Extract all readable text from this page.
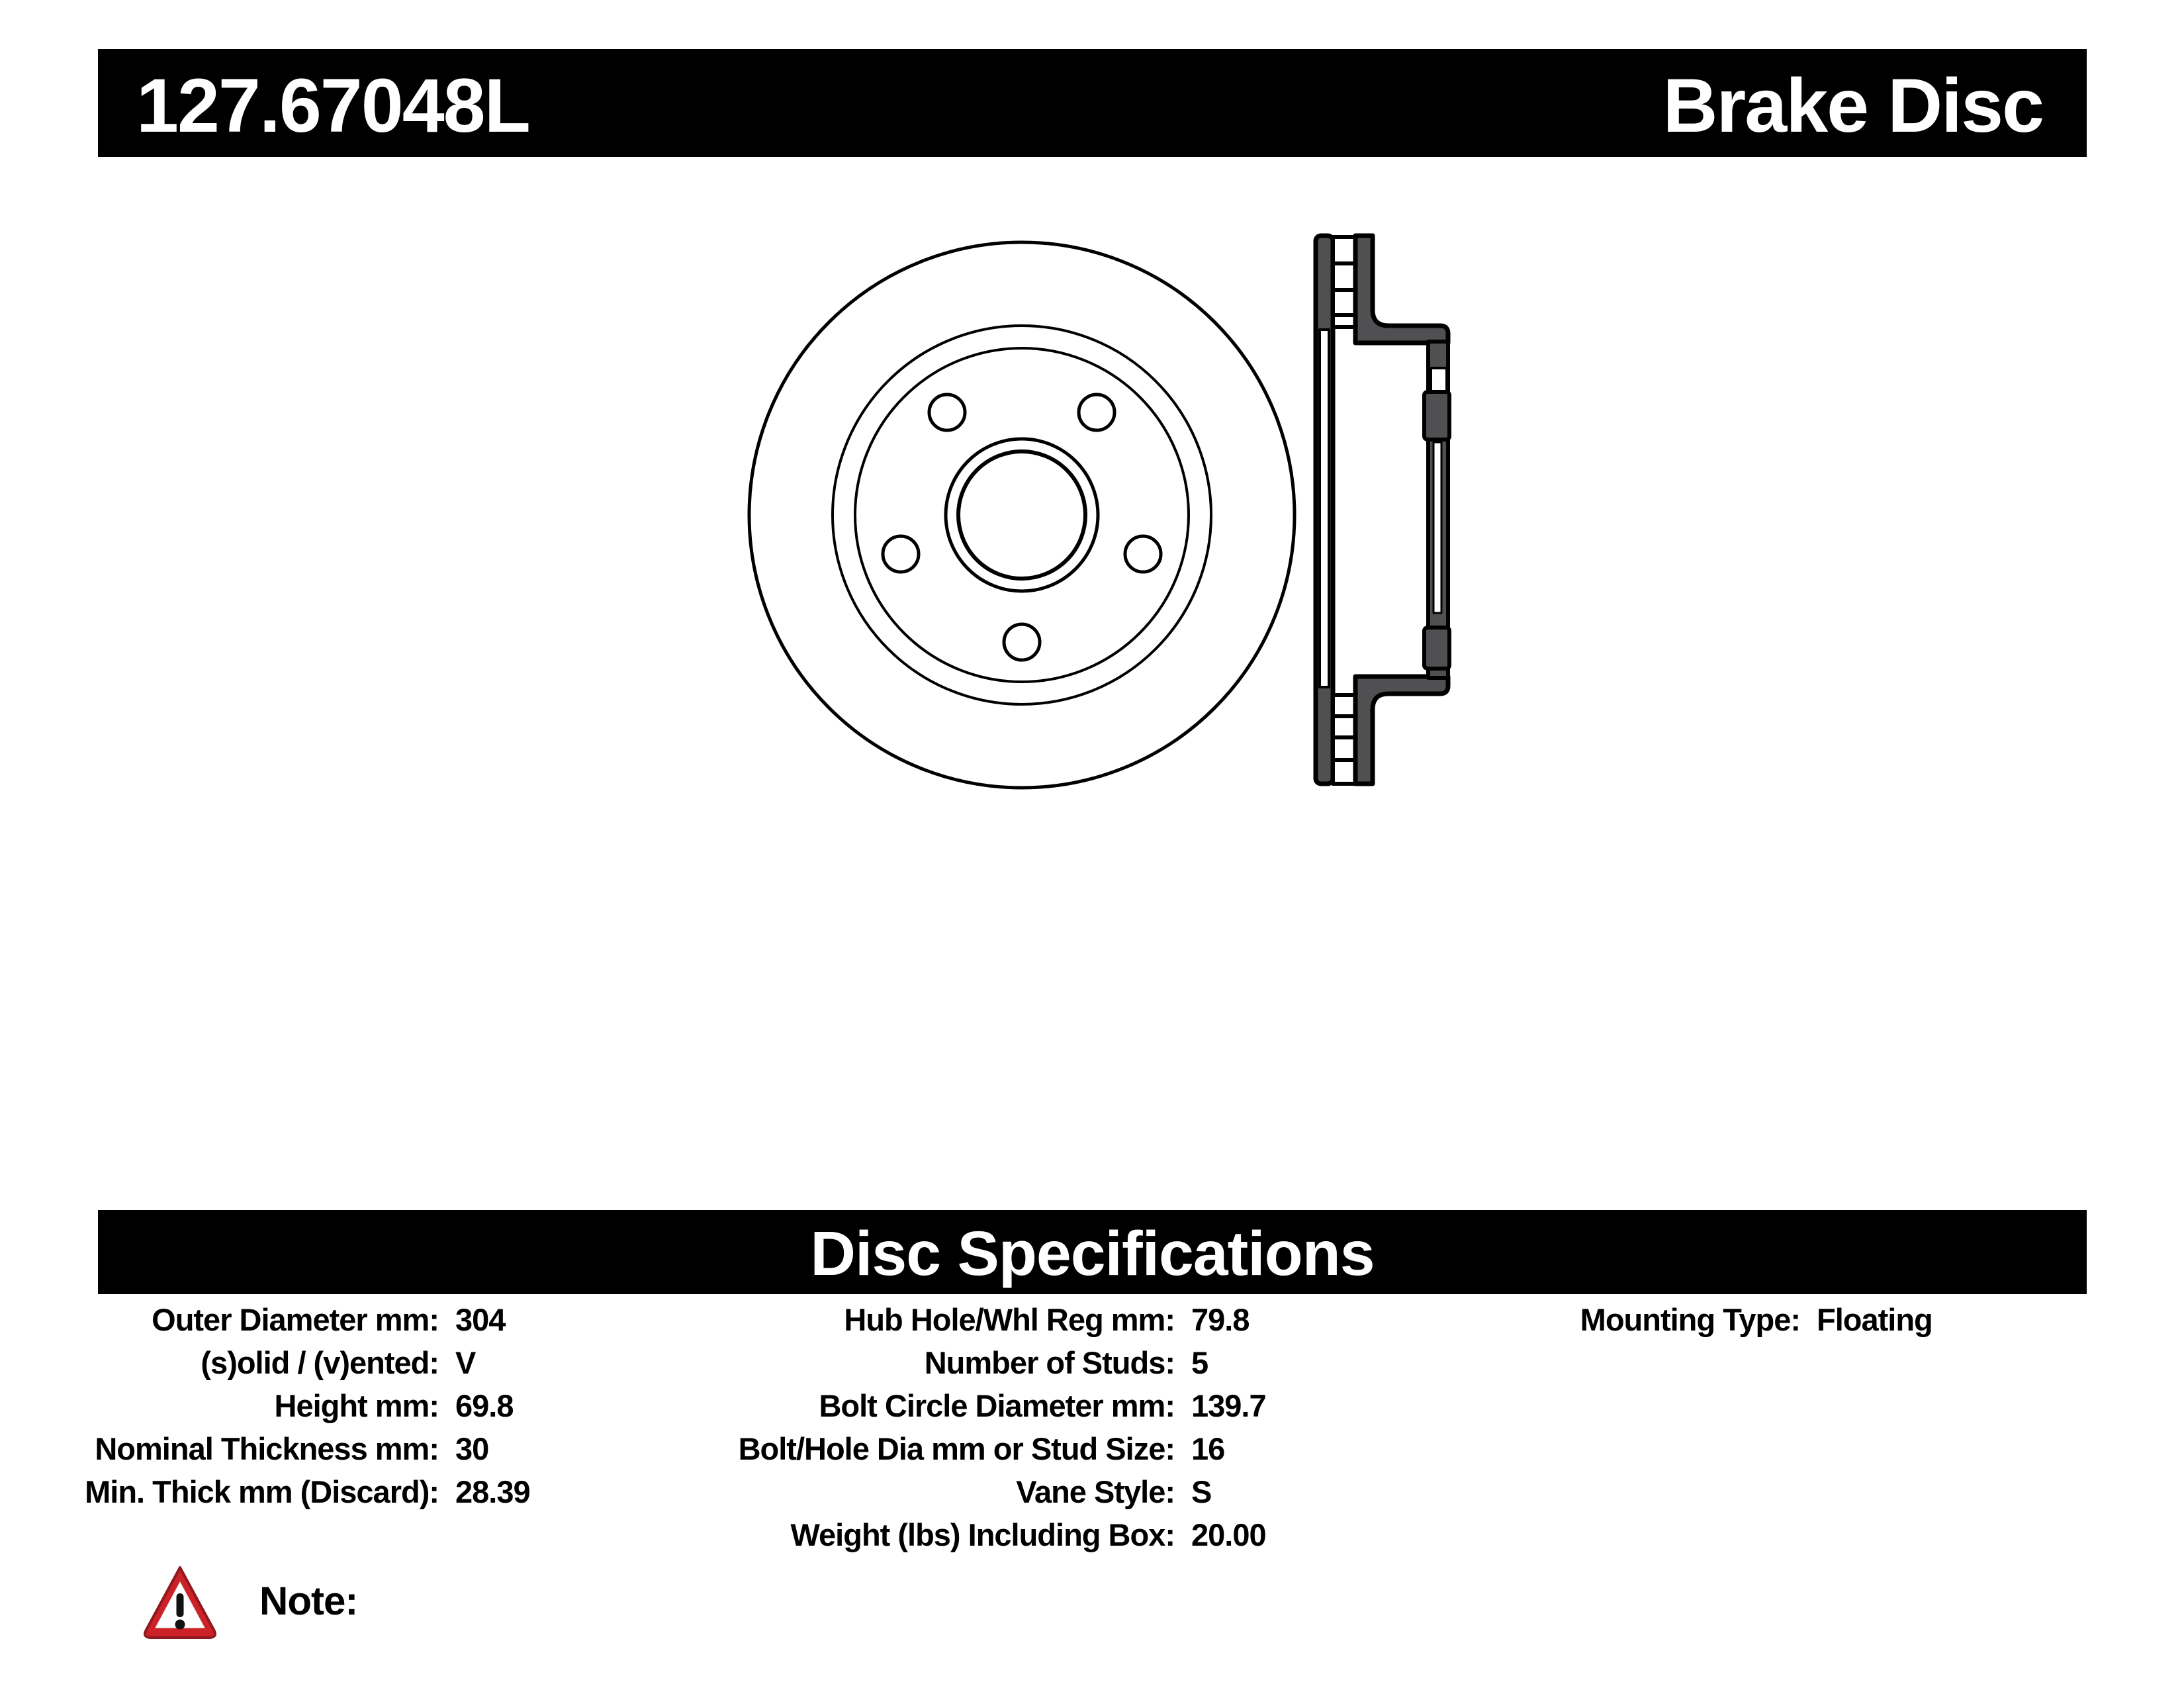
127.67048L	Brake Disc
Disc Specifications
Outer Diameter mm: 304
(s)olid / (v)ented: V
Height mm: 69.8
Nominal Thickness mm: 30
Min. Thick mm (Discard): 28.39
Hub Hole/Whl Reg mm: 79.8
Number of Studs: 5
Bolt Circle Diameter mm: 139.7
Bolt/Hole Dia mm or Stud Size: 16
Vane Style: S
Weight (lbs) Including Box: 20.00
Mounting Type: Floating
Note:
